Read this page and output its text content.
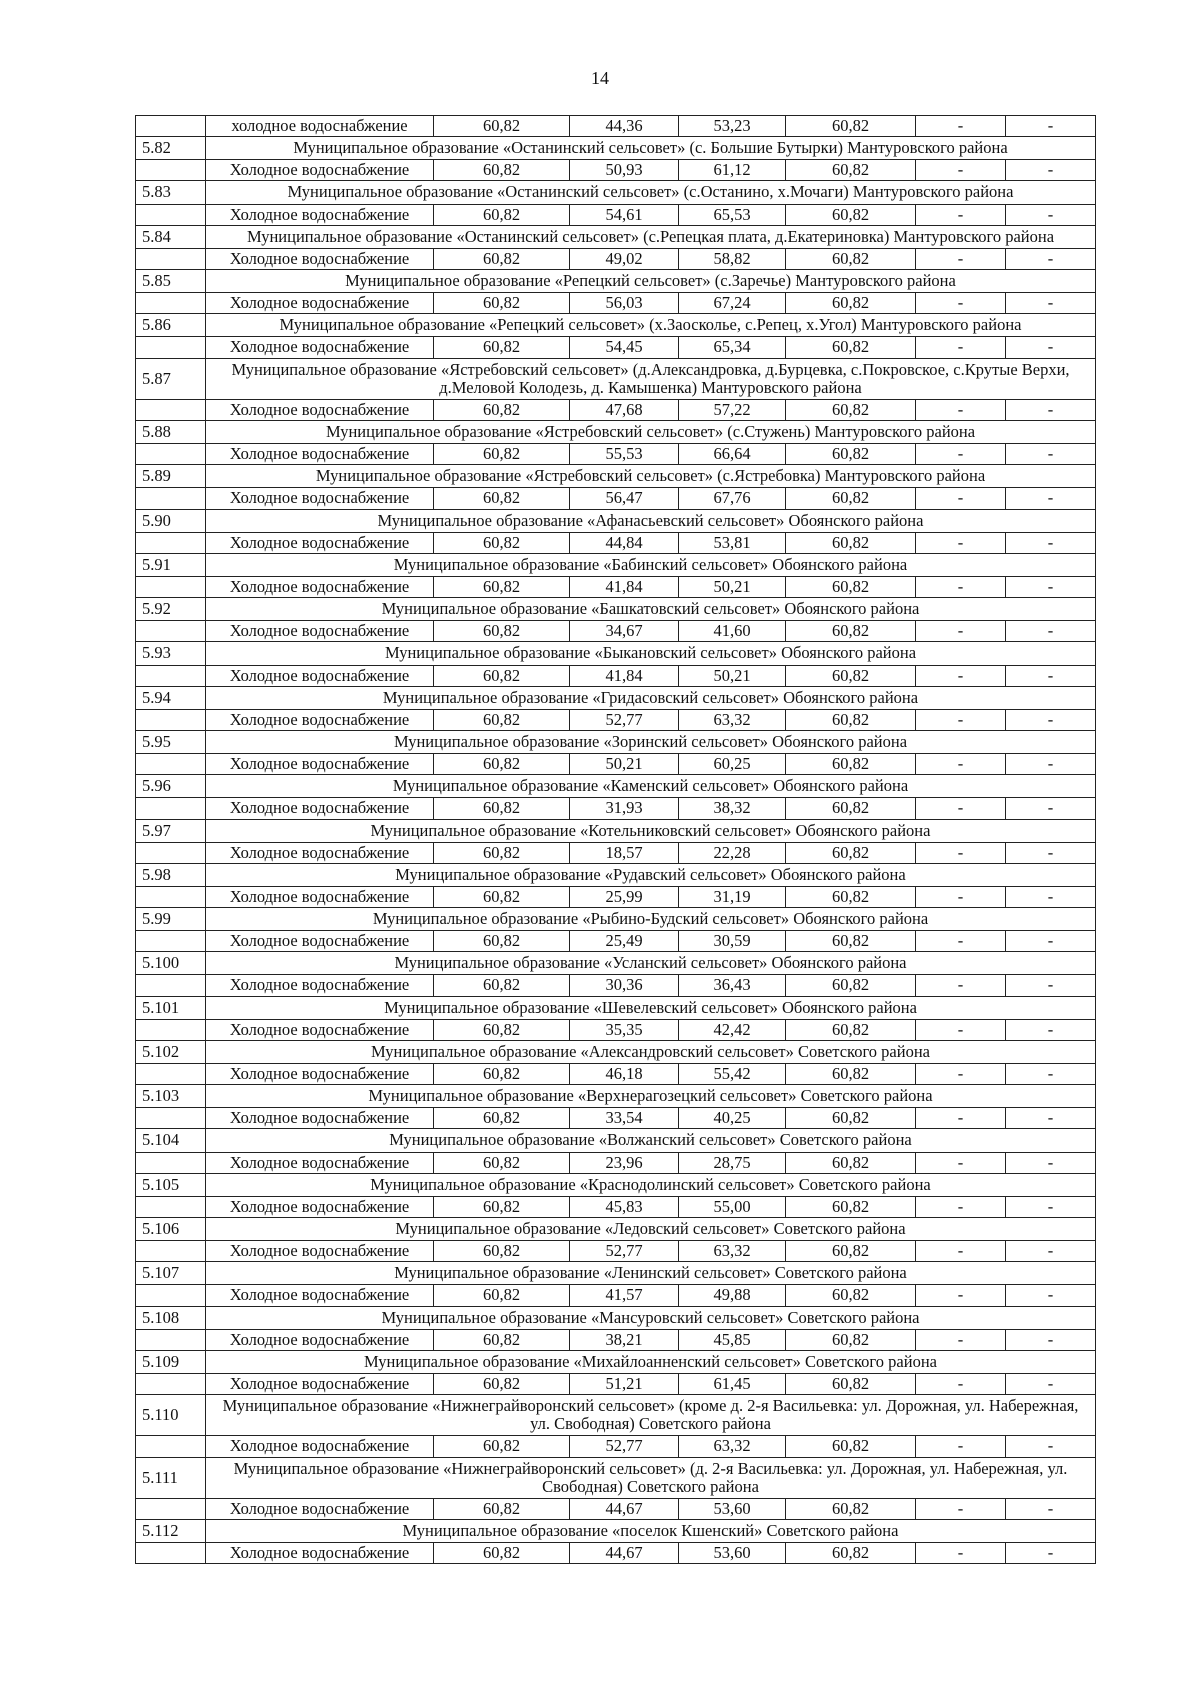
14
	холодное водоснабжение	60,82	44,36	53,23	60,82	-	-
5.82	Муниципальное образование «Останинский сельсовет» (с. Большие Бутырки) Мантуровского района						
	Холодное водоснабжение	60,82	50,93	61,12	60,82	-	-
5.83	Муниципальное образование «Останинский сельсовет» (с.Останино, х.Мочаги) Мантуровского района						
	Холодное водоснабжение	60,82	54,61	65,53	60,82	-	-
5.84	Муниципальное образование «Останинский сельсовет» (с.Репецкая плата, д.Екатериновка) Мантуровского района						
	Холодное водоснабжение	60,82	49,02	58,82	60,82	-	-
5.85	Муниципальное образование «Репецкий сельсовет» (с.Заречье) Мантуровского района						
	Холодное водоснабжение	60,82	56,03	67,24	60,82	-	-
5.86	Муниципальное образование «Репецкий сельсовет» (х.Заосколье, с.Репец, х.Угол) Мантуровского района						
	Холодное водоснабжение	60,82	54,45	65,34	60,82	-	-
5.87	Муниципальное образование «Ястребовский сельсовет» (д.Александровка, д.Бурцевка, с.Покровское, с.Крутые Верхи, д.Меловой Колодезь, д. Камышенка) Мантуровского района						
	Холодное водоснабжение	60,82	47,68	57,22	60,82	-	-
5.88	Муниципальное образование «Ястребовский сельсовет» (с.Стужень) Мантуровского района						
	Холодное водоснабжение	60,82	55,53	66,64	60,82	-	-
5.89	Муниципальное образование «Ястребовский сельсовет» (с.Ястребовка) Мантуровского района						
	Холодное водоснабжение	60,82	56,47	67,76	60,82	-	-
5.90	Муниципальное образование «Афанасьевский сельсовет» Обоянского района						
	Холодное водоснабжение	60,82	44,84	53,81	60,82	-	-
5.91	Муниципальное образование «Бабинский сельсовет» Обоянского района						
	Холодное водоснабжение	60,82	41,84	50,21	60,82	-	-
5.92	Муниципальное образование «Башкатовский сельсовет» Обоянского района						
	Холодное водоснабжение	60,82	34,67	41,60	60,82	-	-
5.93	Муниципальное образование «Быкановский сельсовет» Обоянского района						
	Холодное водоснабжение	60,82	41,84	50,21	60,82	-	-
5.94	Муниципальное образование «Гридасовский сельсовет» Обоянского района						
	Холодное водоснабжение	60,82	52,77	63,32	60,82	-	-
5.95	Муниципальное образование «Зоринский сельсовет» Обоянского района						
	Холодное водоснабжение	60,82	50,21	60,25	60,82	-	-
5.96	Муниципальное образование «Каменский сельсовет» Обоянского района						
	Холодное водоснабжение	60,82	31,93	38,32	60,82	-	-
5.97	Муниципальное образование «Котельниковский сельсовет» Обоянского района						
	Холодное водоснабжение	60,82	18,57	22,28	60,82	-	-
5.98	Муниципальное образование «Рудавский сельсовет» Обоянского района						
	Холодное водоснабжение	60,82	25,99	31,19	60,82	-	-
5.99	Муниципальное образование «Рыбино-Будский сельсовет» Обоянского района						
	Холодное водоснабжение	60,82	25,49	30,59	60,82	-	-
5.100	Муниципальное образование «Усланский сельсовет» Обоянского района						
	Холодное водоснабжение	60,82	30,36	36,43	60,82	-	-
5.101	Муниципальное образование «Шевелевский сельсовет» Обоянского района						
	Холодное водоснабжение	60,82	35,35	42,42	60,82	-	-
5.102	Муниципальное образование «Александровский сельсовет» Советского района						
	Холодное водоснабжение	60,82	46,18	55,42	60,82	-	-
5.103	Муниципальное образование «Верхнерагозецкий сельсовет» Советского района						
	Холодное водоснабжение	60,82	33,54	40,25	60,82	-	-
5.104	Муниципальное образование «Волжанский сельсовет» Советского района						
	Холодное водоснабжение	60,82	23,96	28,75	60,82	-	-
5.105	Муниципальное образование «Краснодолинский сельсовет» Советского района						
	Холодное водоснабжение	60,82	45,83	55,00	60,82	-	-
5.106	Муниципальное образование «Ледовский сельсовет» Советского района						
	Холодное водоснабжение	60,82	52,77	63,32	60,82	-	-
5.107	Муниципальное образование «Ленинский сельсовет» Советского района						
	Холодное водоснабжение	60,82	41,57	49,88	60,82	-	-
5.108	Муниципальное образование «Мансуровский сельсовет» Советского района						
	Холодное водоснабжение	60,82	38,21	45,85	60,82	-	-
5.109	Муниципальное образование «Михайлоанненский сельсовет» Советского района						
	Холодное водоснабжение	60,82	51,21	61,45	60,82	-	-
5.110	Муниципальное образование «Нижнеграйворонский сельсовет» (кроме д. 2-я Васильевка: ул. Дорожная, ул. Набережная, ул. Свободная) Советского района						
	Холодное водоснабжение	60,82	52,77	63,32	60,82	-	-
5.111	Муниципальное образование «Нижнеграйворонский сельсовет» (д. 2-я Васильевка: ул. Дорожная, ул. Набережная, ул. Свободная) Советского района						
	Холодное водоснабжение	60,82	44,67	53,60	60,82	-	-
5.112	Муниципальное образование «поселок Кшенский» Советского района						
	Холодное водоснабжение	60,82	44,67	53,60	60,82	-	-
